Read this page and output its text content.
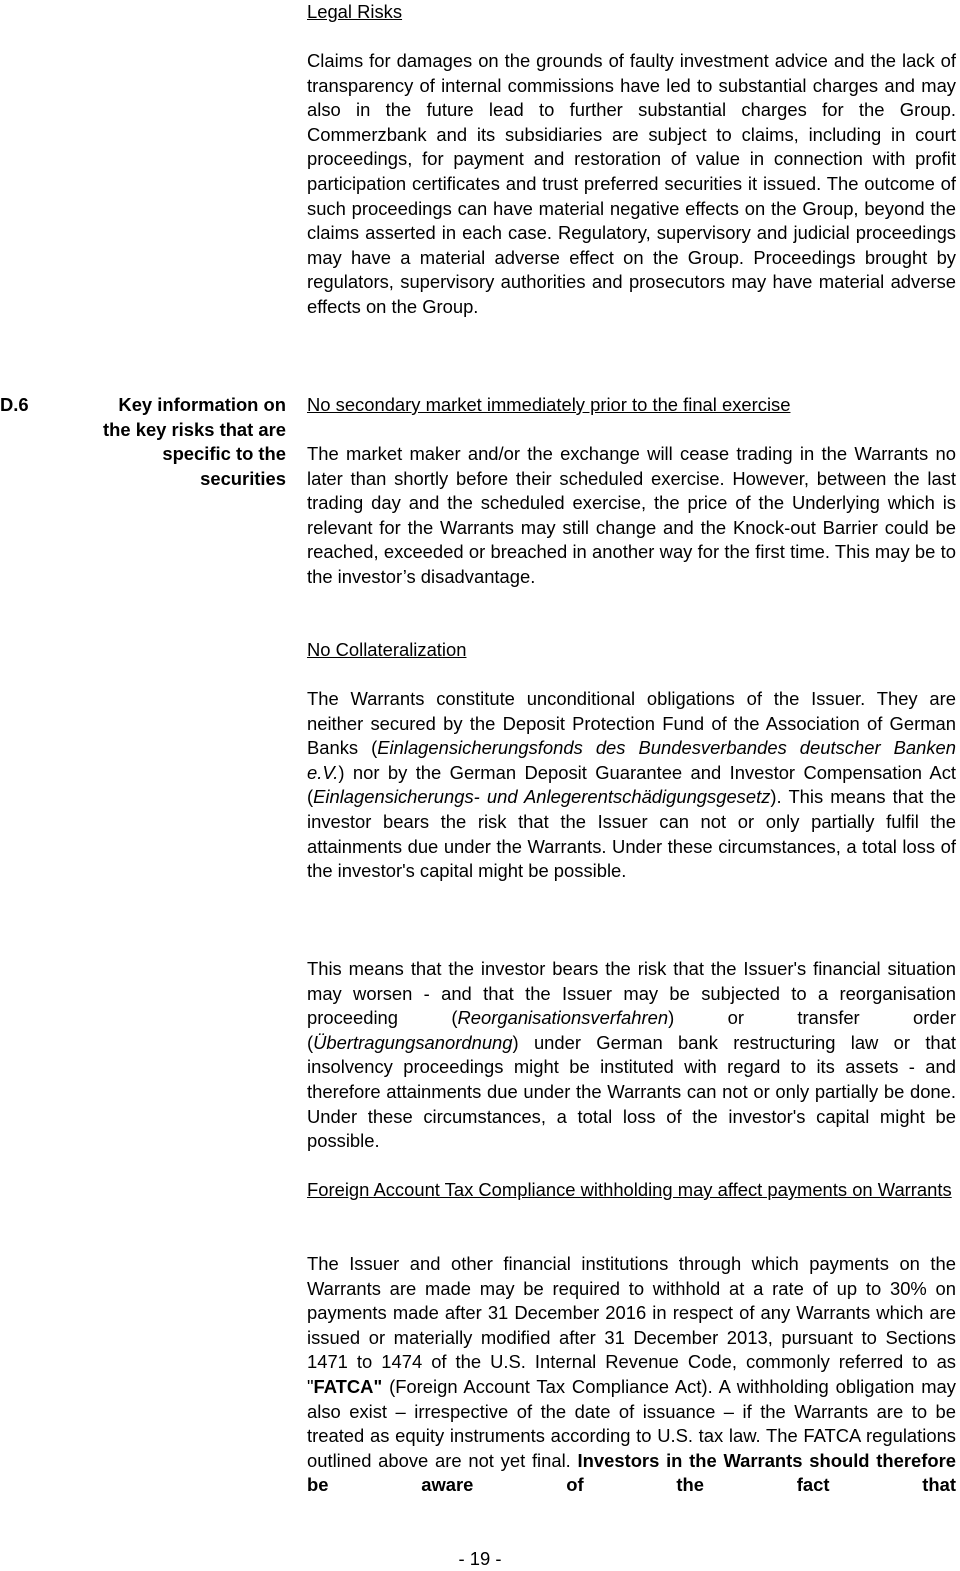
Legal Risks

Claims for damages on the grounds of faulty investment advice and the lack of transparency of internal commissions have led to substantial charges and may also in the future lead to further substantial charges for the Group. Commerzbank and its subsidiaries are subject to claims, including in court proceedings, for payment and restoration of value in connection with profit participation certificates and trust preferred securities it issued. The outcome of such proceedings can have material negative effects on the Group, beyond the claims asserted in each case. Regulatory, supervisory and judicial proceedings may have a material adverse effect on the Group. Proceedings brought by regulators, supervisory authorities and prosecutors may have material adverse effects on the Group.

D.6	Key information on the key risks that are specific to the securities
No secondary market immediately prior to the final exercise

The market maker and/or the exchange will cease trading in the Warrants no later than shortly before their scheduled exercise. However, between the last trading day and the scheduled exercise, the price of the Underlying which is relevant for the Warrants may still change and the Knock-out Barrier could be reached, exceeded or breached in another way for the first time. This may be to the investor’s disadvantage.

No Collateralization

The Warrants constitute unconditional obligations of the Issuer. They are neither secured by the Deposit Protection Fund of the Association of German Banks (Einlagensicherungsfonds des Bundesverbandes deutscher Banken e.V.) nor by the German Deposit Guarantee and Investor Compensation Act (Einlagensicherungs- und Anlegerentschädigungsgesetz). This means that the investor bears the risk that the Issuer can not or only partially fulfil the attainments due under the Warrants. Under these circumstances, a total loss of the investor's capital might be possible.

This means that the investor bears the risk that the Issuer's financial situation may worsen - and that the Issuer may be subjected to a reorganisation proceeding (Reorganisationsverfahren) or transfer order (Übertragungsanordnung) under German bank restructuring law or that insolvency proceedings might be instituted with regard to its assets - and therefore attainments due under the Warrants can not or only partially be done. Under these circumstances, a total loss of the investor's capital might be possible.

Foreign Account Tax Compliance withholding may affect payments on Warrants

The Issuer and other financial institutions through which payments on the Warrants are made may be required to withhold at a rate of up to 30% on payments made after 31 December 2016 in respect of any Warrants which are issued or materially modified after 31 December 2013, pursuant to Sections 1471 to 1474 of the U.S. Internal Revenue Code, commonly referred to as "FATCA" (Foreign Account Tax Compliance Act). A withholding obligation may also exist – irrespective of the date of issuance – if the Warrants are to be treated as equity instruments according to U.S. tax law. The FATCA regulations outlined above are not yet final. Investors in the Warrants should therefore be aware of the fact that

- 19 -
